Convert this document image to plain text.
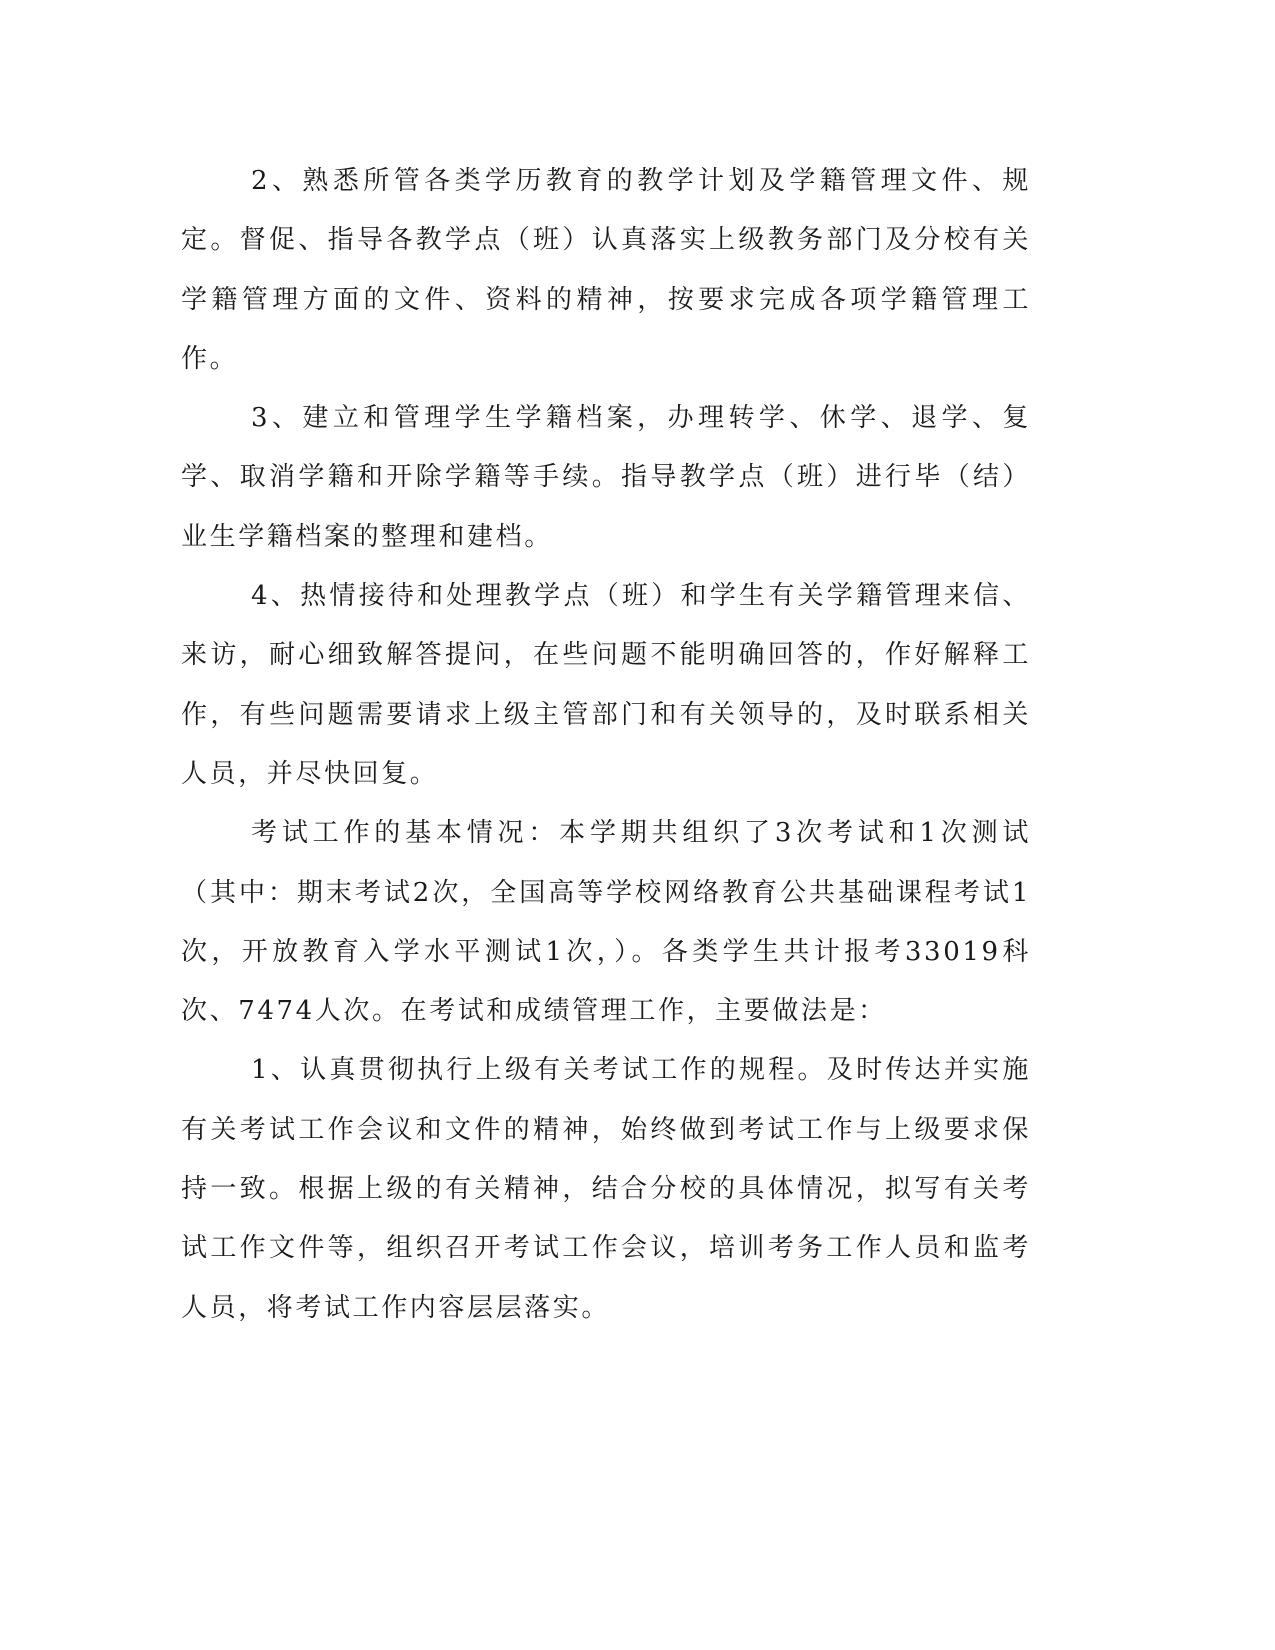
2、熟悉所管各类学历教育的教学计划及学籍管理文件、规定。督促、指导各教学点（班）认真落实上级教务部门及分校有关学籍管理方面的文件、资料的精神，按要求完成各项学籍管理工作。

3、建立和管理学生学籍档案，办理转学、休学、退学、复学、取消学籍和开除学籍等手续。指导教学点（班）进行毕（结）业生学籍档案的整理和建档。

4、热情接待和处理教学点（班）和学生有关学籍管理来信、来访，耐心细致解答提问，在些问题不能明确回答的，作好解释工作，有些问题需要请求上级主管部门和有关领导的，及时联系相关人员，并尽快回复。

考试工作的基本情况：本学期共组织了3次考试和1次测试（其中：期末考试2次，全国高等学校网络教育公共基础课程考试1次，开放教育入学水平测试1次，）。各类学生共计报考33019科次、7474人次。在考试和成绩管理工作，主要做法是：

1、认真贯彻执行上级有关考试工作的规程。及时传达并实施有关考试工作会议和文件的精神，始终做到考试工作与上级要求保持一致。根据上级的有关精神，结合分校的具体情况，拟写有关考试工作文件等，组织召开考试工作会议，培训考务工作人员和监考人员，将考试工作内容层层落实。
